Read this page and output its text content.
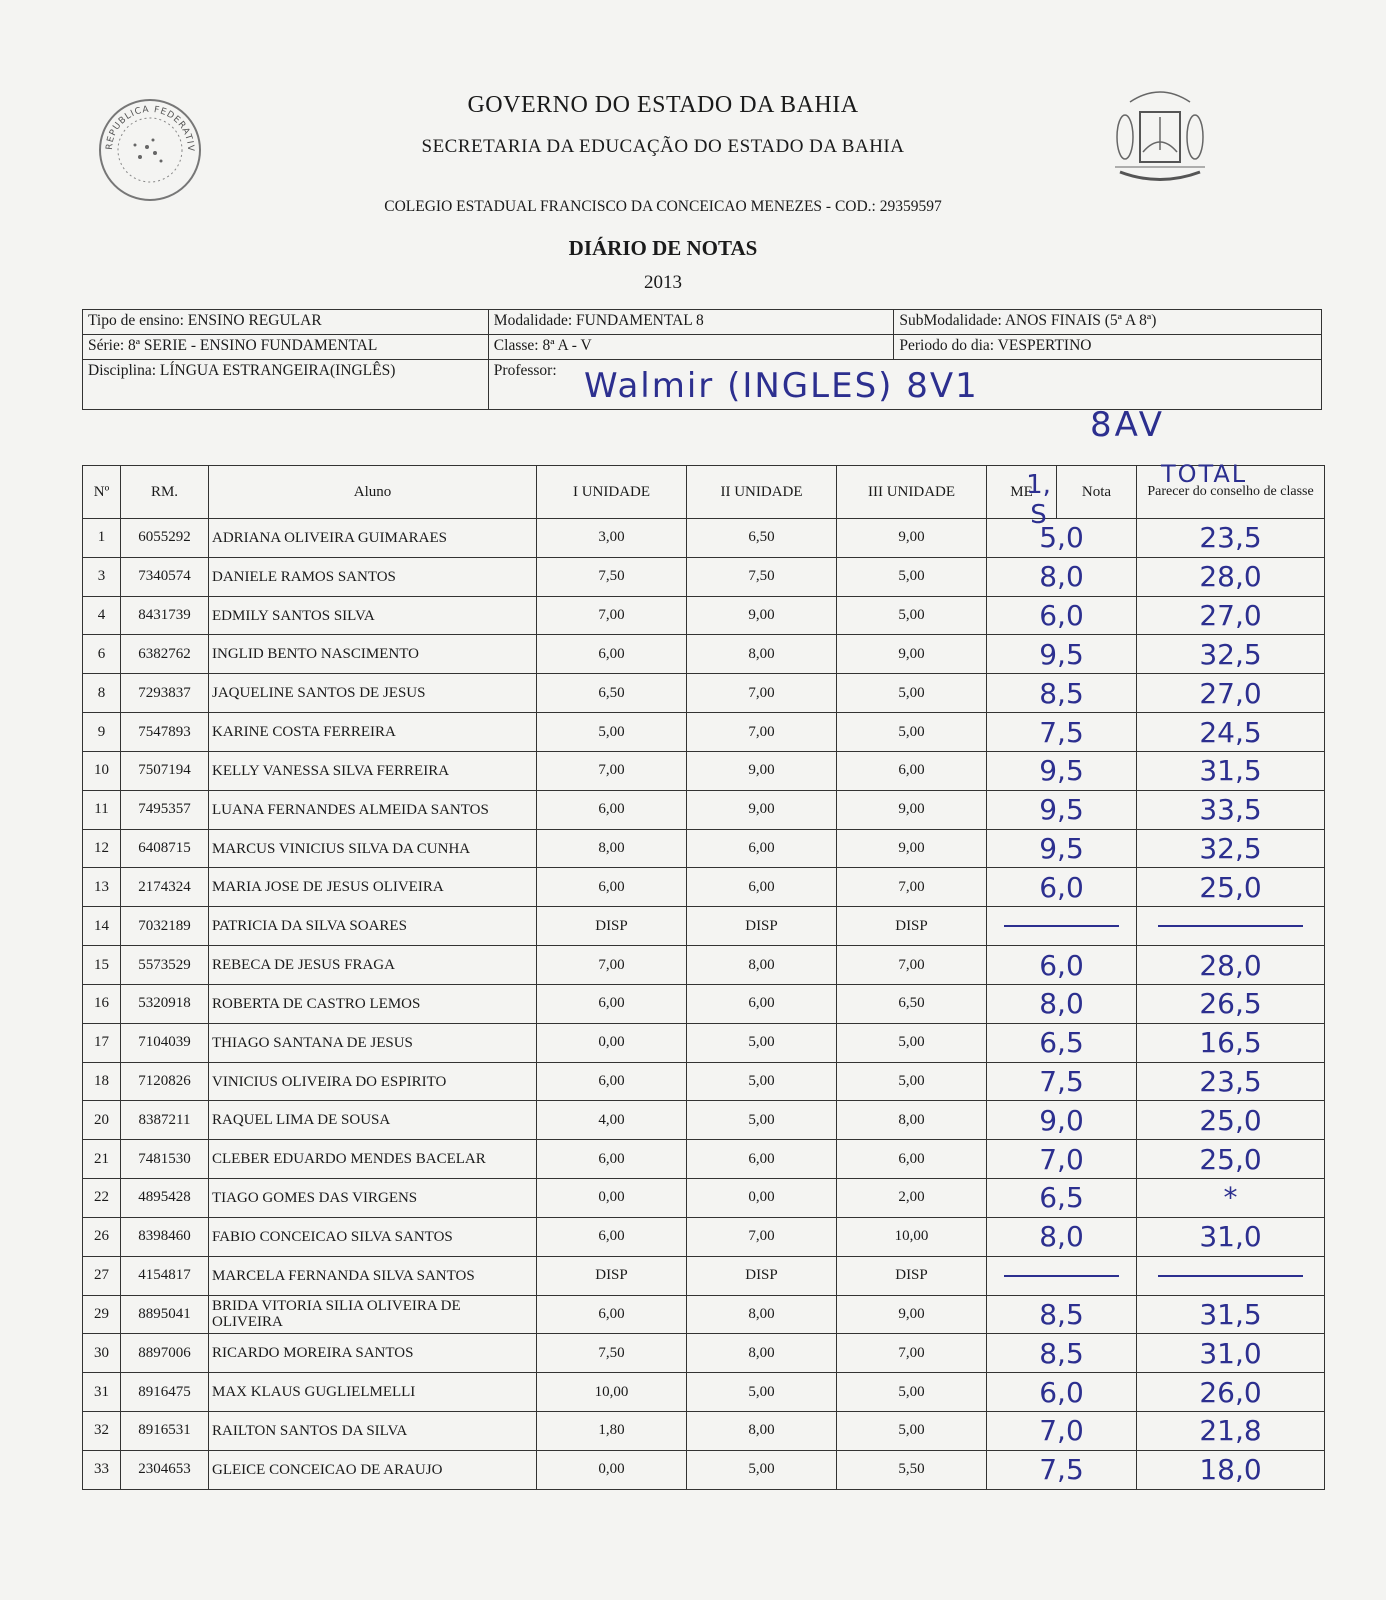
REPUBLICA FEDERATIV
GOVERNO DO ESTADO DA BAHIA
SECRETARIA DA EDUCAÇÃO DO ESTADO DA BAHIA
COLEGIO ESTADUAL FRANCISCO DA CONCEICAO MENEZES - COD.: 29359597
DIÁRIO DE NOTAS
2013
Tipo de ensino: ENSINO REGULAR	Modalidade: FUNDAMENTAL 8	SubModalidade: ANOS FINAIS (5ª A 8ª)
Série: 8ª SERIE - ENSINO FUNDAMENTAL	Classe: 8ª A - V	Periodo do dia: VESPERTINO
Disciplina: LÍNGUA ESTRANGEIRA(INGLÊS)	Professor:	Walmir (INGLES) 8V1
8AV
Nº	RM.	Aluno	I UNIDADE	II UNIDADE	III UNIDADE	ME
1, S	Nota	Parecer do conselho de classe
TOTAL

1	6055292	ADRIANA OLIVEIRA GUIMARAES	3,00	6,50	9,00	5,0		23,5
3	7340574	DANIELE RAMOS SANTOS	7,50	7,50	5,00	8,0		28,0
4	8431739	EDMILY SANTOS SILVA	7,00	9,00	5,00	6,0		27,0
6	6382762	INGLID BENTO NASCIMENTO	6,00	8,00	9,00	9,5		32,5
8	7293837	JAQUELINE SANTOS DE JESUS	6,50	7,00	5,00	8,5		27,0
9	7547893	KARINE COSTA FERREIRA	5,00	7,00	5,00	7,5		24,5
10	7507194	KELLY VANESSA SILVA FERREIRA	7,00	9,00	6,00	9,5		31,5
11	7495357	LUANA FERNANDES ALMEIDA SANTOS	6,00	9,00	9,00	9,5		33,5
12	6408715	MARCUS VINICIUS SILVA DA CUNHA	8,00	6,00	9,00	9,5		32,5
13	2174324	MARIA JOSE DE JESUS OLIVEIRA	6,00	6,00	7,00	6,0		25,0
14	7032189	PATRICIA DA SILVA SOARES	DISP	DISP	DISP		

15	5573529	REBECA DE JESUS FRAGA	7,00	8,00	7,00	6,0		28,0
16	5320918	ROBERTA DE CASTRO LEMOS	6,00	6,00	6,50	8,0		26,5
17	7104039	THIAGO SANTANA DE JESUS	0,00	5,00	5,00	6,5		16,5
18	7120826	VINICIUS OLIVEIRA DO ESPIRITO	6,00	5,00	5,00	7,5		23,5
20	8387211	RAQUEL LIMA DE SOUSA	4,00	5,00	8,00	9,0		25,0
21	7481530	CLEBER EDUARDO MENDES BACELAR	6,00	6,00	6,00	7,0		25,0
22	4895428	TIAGO GOMES DAS VIRGENS	0,00	0,00	2,00	6,5		*
26	8398460	FABIO CONCEICAO SILVA SANTOS	6,00	7,00	10,00	8,0		31,0
27	4154817	MARCELA FERNANDA SILVA SANTOS	DISP	DISP	DISP		

29	8895041	BRIDA VITORIA SILIA OLIVEIRA DE OLIVEIRA	6,00	8,00	9,00	8,5		31,5
30	8897006	RICARDO MOREIRA SANTOS	7,50	8,00	7,00	8,5		31,0
31	8916475	MAX KLAUS GUGLIELMELLI	10,00	5,00	5,00	6,0		26,0
32	8916531	RAILTON SANTOS DA SILVA	1,80	8,00	5,00	7,0		21,8
33	2304653	GLEICE CONCEICAO DE ARAUJO	0,00	5,00	5,50	7,5		18,0
